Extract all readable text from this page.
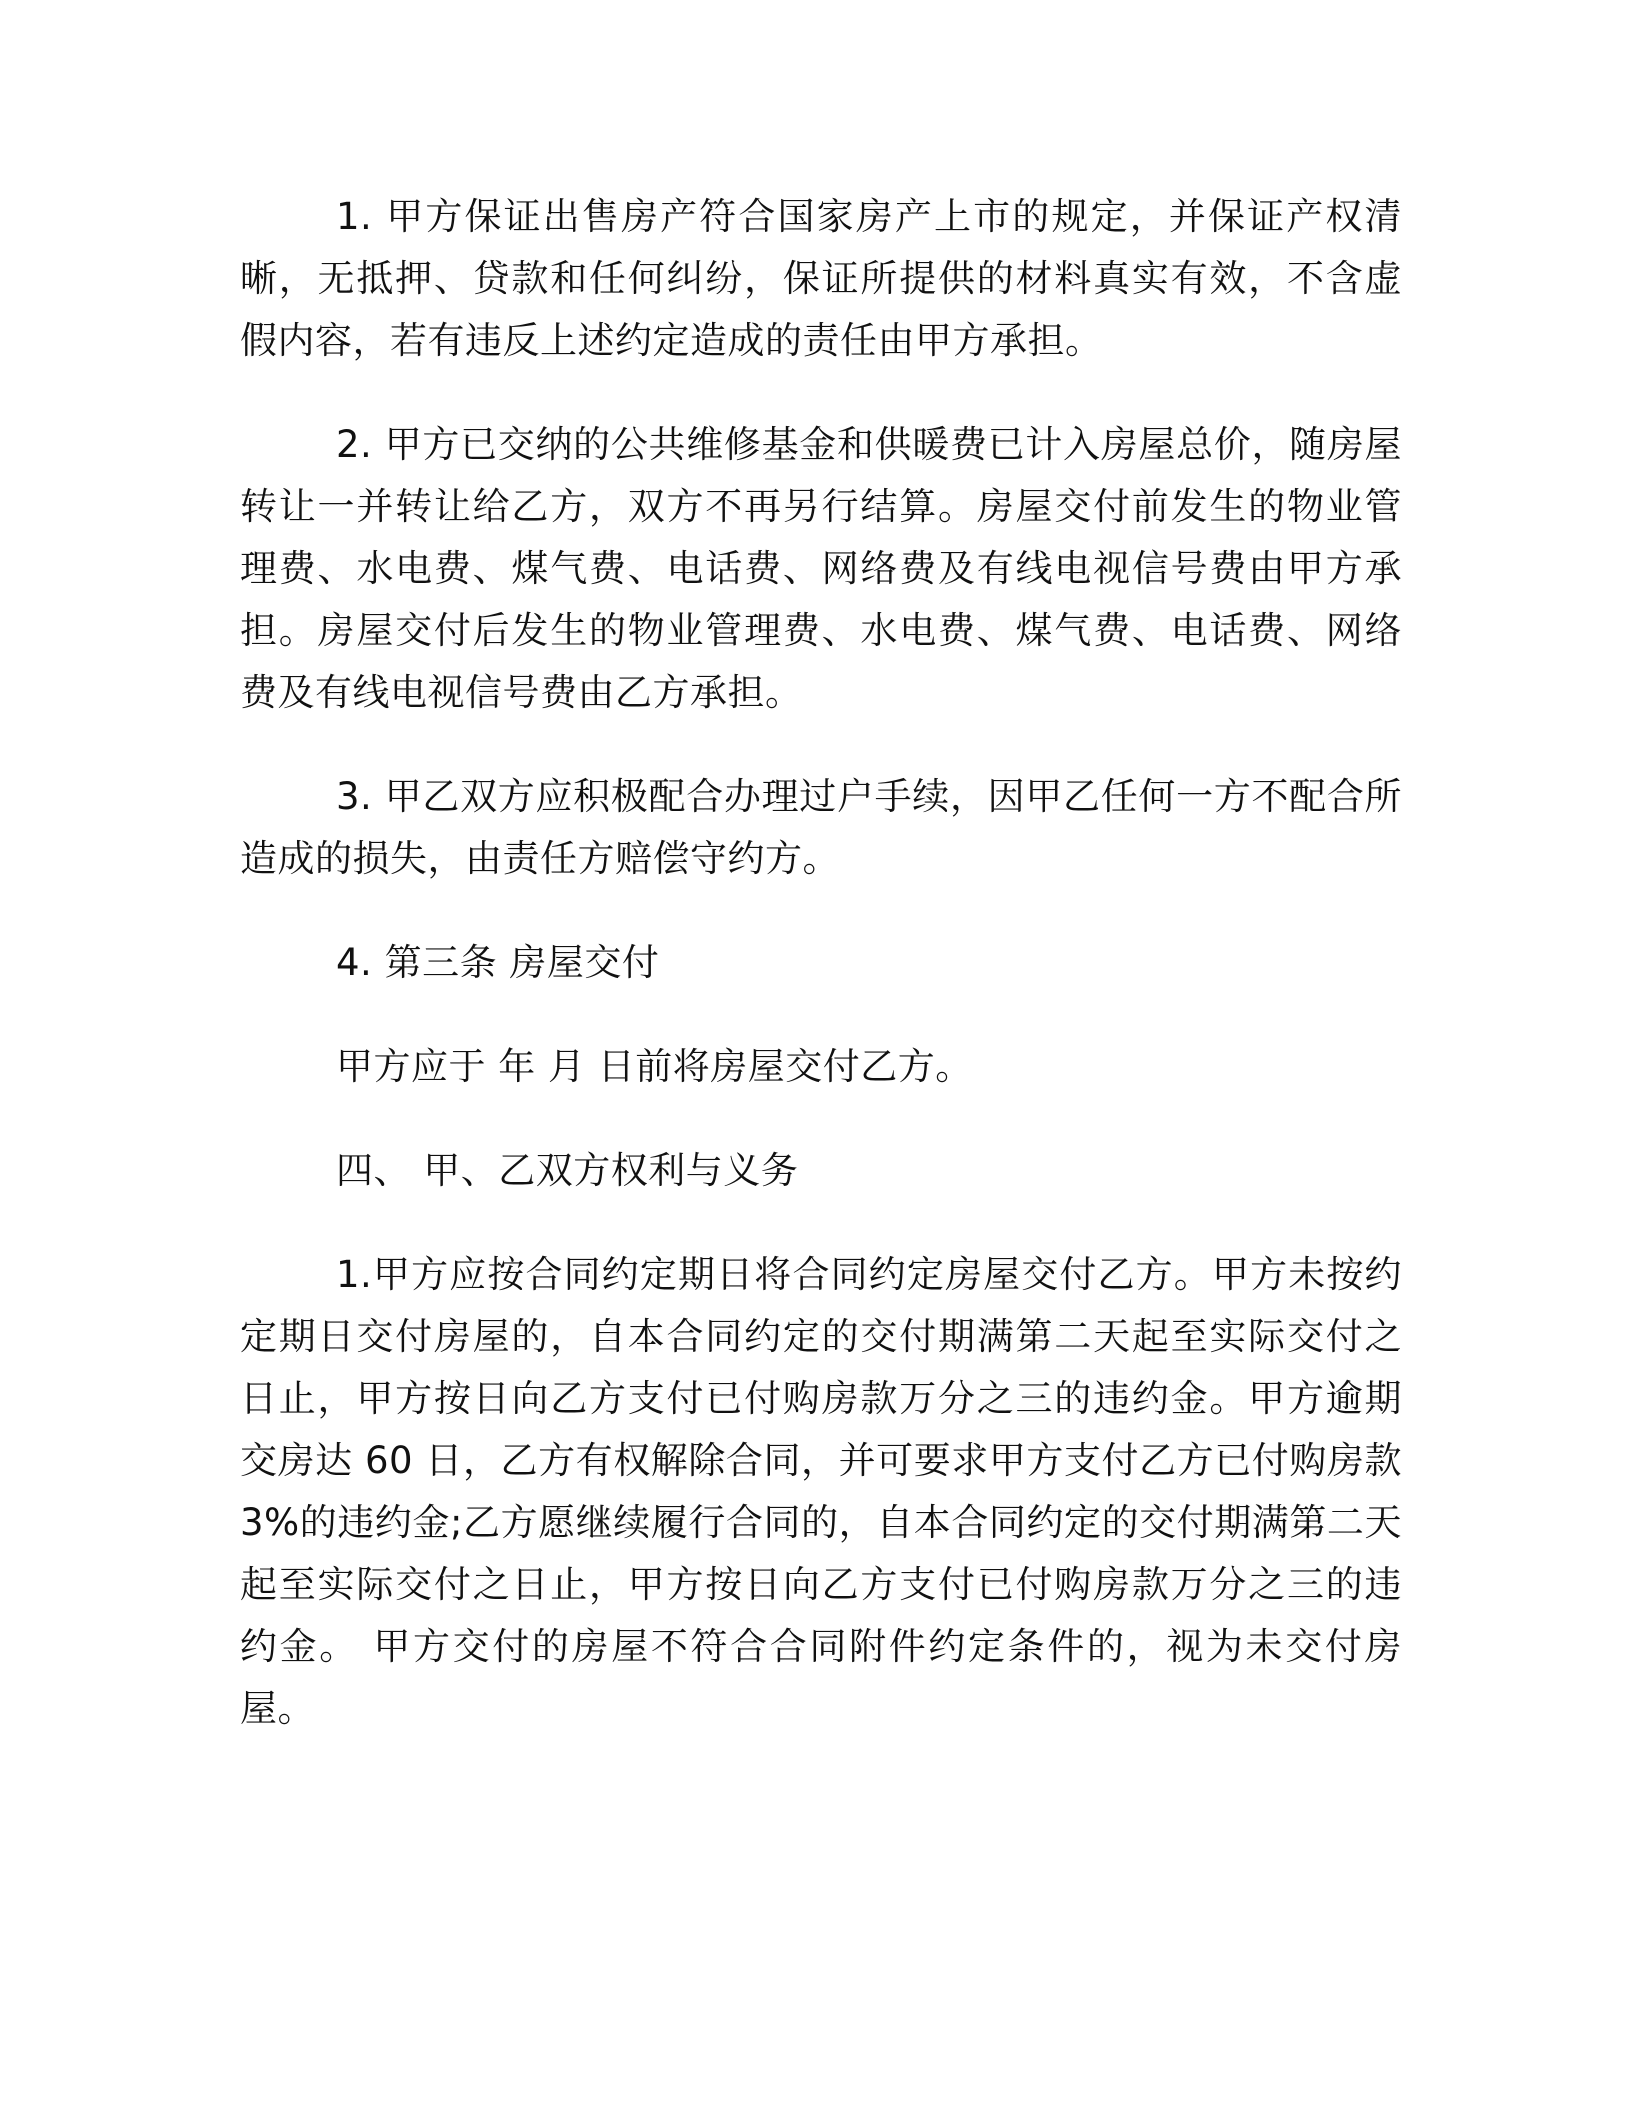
1. 甲方保证出售房产符合国家房产上市的规定，并保证产权清晰，无抵押、贷款和任何纠纷，保证所提供的材料真实有效，不含虚假内容，若有违反上述约定造成的责任由甲方承担。

2. 甲方已交纳的公共维修基金和供暖费已计入房屋总价，随房屋转让一并转让给乙方，双方不再另行结算。房屋交付前发生的物业管理费、水电费、煤气费、电话费、网络费及有线电视信号费由甲方承担。房屋交付后发生的物业管理费、水电费、煤气费、电话费、网络费及有线电视信号费由乙方承担。

3. 甲乙双方应积极配合办理过户手续，因甲乙任何一方不配合所造成的损失，由责任方赔偿守约方。

4. 第三条 房屋交付

甲方应于 年 月 日前将房屋交付乙方。

四、 甲、乙双方权利与义务

1.甲方应按合同约定期日将合同约定房屋交付乙方。甲方未按约定期日交付房屋的，自本合同约定的交付期满第二天起至实际交付之日止，甲方按日向乙方支付已付购房款万分之三的违约金。甲方逾期交房达 60 日，乙方有权解除合同，并可要求甲方支付乙方已付购房款 3%的违约金;乙方愿继续履行合同的，自本合同约定的交付期满第二天起至实际交付之日止，甲方按日向乙方支付已付购房款万分之三的违约金。 甲方交付的房屋不符合合同附件约定条件的，视为未交付房屋。
